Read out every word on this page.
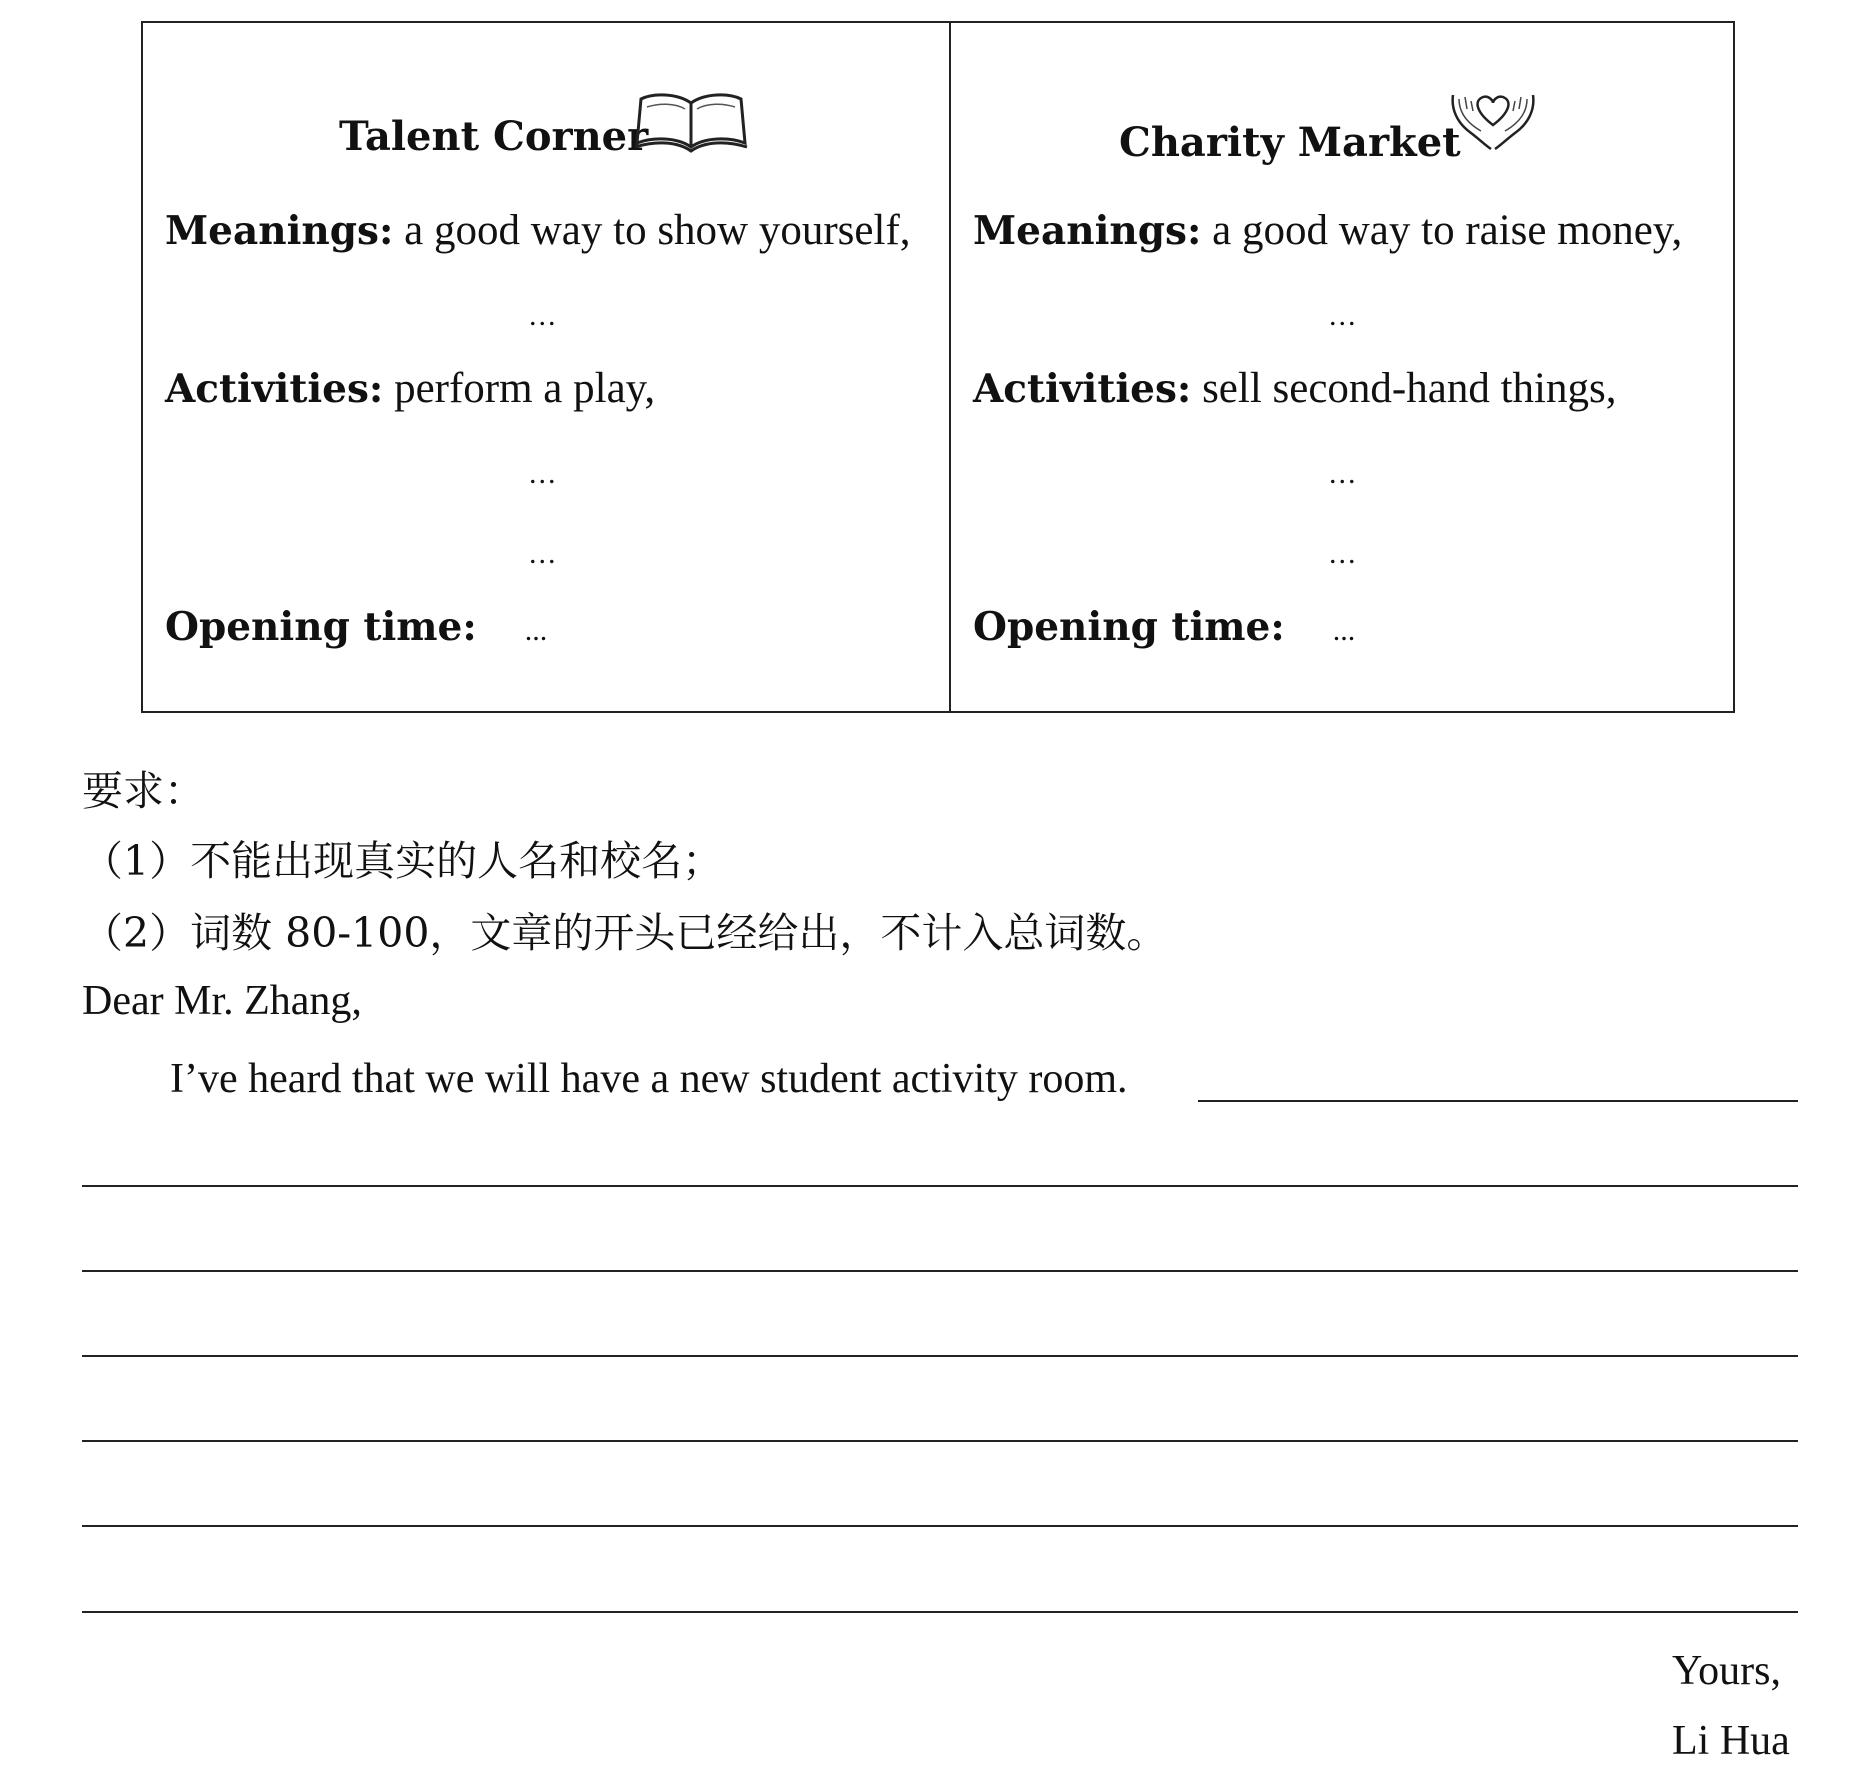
Talent Corner
Meanings: a good way to show yourself,
...
Activities: perform a play,
...
...
Opening time: ...
Charity Market
Meanings: a good way to raise money,
...
Activities: sell second-hand things,
...
...
Opening time: ...
要求：
（1）不能出现真实的人名和校名；
（2）词数 80-100，文章的开头已经给出，不计入总词数。
Dear Mr. Zhang,
I’ve heard that we will have a new student activity room.
Yours,
Li Hua
